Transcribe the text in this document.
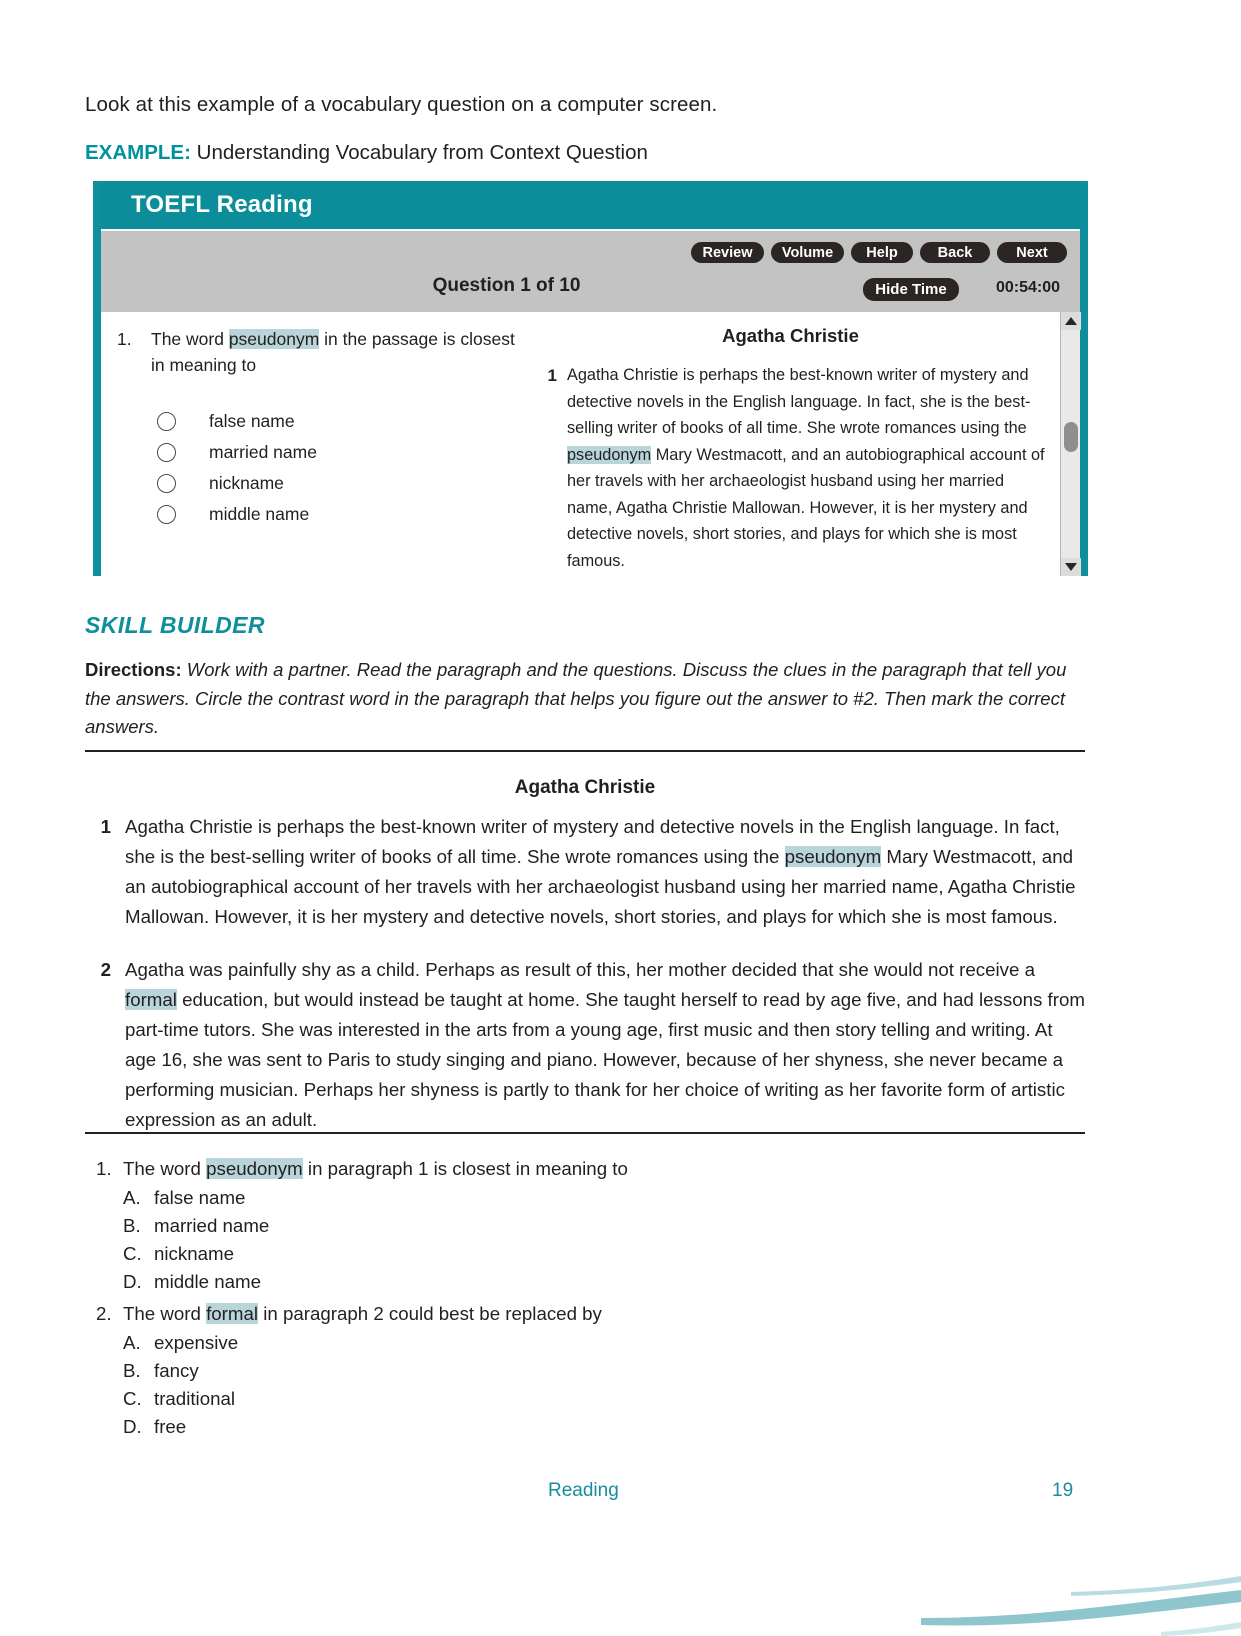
Look at this example of a vocabulary question on a computer screen.
EXAMPLE: Understanding Vocabulary from Context Question
TOEFL Reading
Review	Volume	Help	Back	Next
Question 1 of 10	Hide Time	00:54:00
1.	The word pseudonym in the passage is closest in meaning to
false name
married name
nickname
middle name
Agatha Christie
1 Agatha Christie is perhaps the best-known writer of mystery and detective novels in the English language. In fact, she is the best-selling writer of books of all time. She wrote romances using the pseudonym Mary Westmacott, and an autobiographical account of her travels with her archaeologist husband using her married name, Agatha Christie Mallowan. However, it is her mystery and detective novels, short stories, and plays for which she is most famous.
SKILL BUILDER
Directions: Work with a partner. Read the paragraph and the questions. Discuss the clues in the paragraph that tell you the answers. Circle the contrast word in the paragraph that helps you figure out the answer to #2. Then mark the correct answers.
Agatha Christie
1 Agatha Christie is perhaps the best-known writer of mystery and detective novels in the English language. In fact, she is the best-selling writer of books of all time. She wrote romances using the pseudonym Mary Westmacott, and an autobiographical account of her travels with her archaeologist husband using her married name, Agatha Christie Mallowan. However, it is her mystery and detective novels, short stories, and plays for which she is most famous.
2 Agatha was painfully shy as a child. Perhaps as result of this, her mother decided that she would not receive a formal education, but would instead be taught at home. She taught herself to read by age five, and had lessons from part-time tutors. She was interested in the arts from a young age, first music and then story telling and writing. At age 16, she was sent to Paris to study singing and piano. However, because of her shyness, she never became a performing musician. Perhaps her shyness is partly to thank for her choice of writing as her favorite form of artistic expression as an adult.
1. The word pseudonym in paragraph 1 is closest in meaning to
A. false name
B. married name
C. nickname
D. middle name
2. The word formal in paragraph 2 could best be replaced by
A. expensive
B. fancy
C. traditional
D. free
Reading	19
